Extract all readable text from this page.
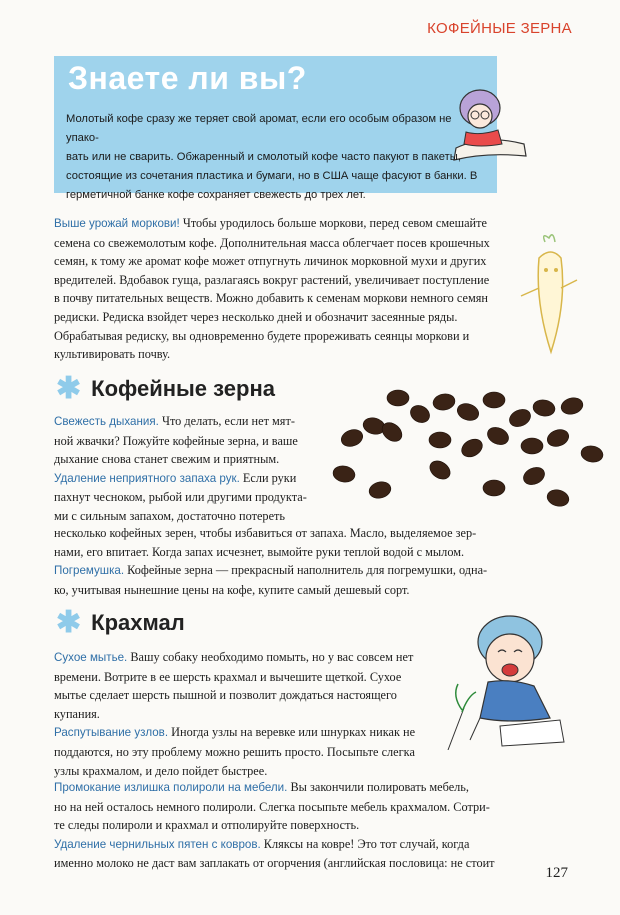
КОФЕЙНЫЕ ЗЕРНА
Знаете ли вы?
Молотый кофе сразу же теряет свой аромат, если его особым образом не упако-
вать или не сварить. Обжаренный и смолотый кофе часто пакуют в пакеты,
состоящие из сочетания пластика и бумаги, но в США чаще фасуют в банки. В
герметичной банке кофе сохраняет свежесть до трех лет.
Выше урожай моркови! Чтобы уродилось больше моркови, перед севом смешайте
семена со свежемолотым кофе. Дополнительная масса облегчает посев крошечных
семян, к тому же аромат кофе может отпугнуть личинок морковной мухи и других
вредителей. Вдобавок гуща, разлагаясь вокруг растений, увеличивает поступление
в почву питательных веществ. Можно добавить к семенам моркови немного семян
редиски. Редиска взойдет через несколько дней и обозначит засеянные ряды.
Обрабатывая редиску, вы одновременно будете прореживать сеянцы моркови и
культивировать почву.
✱ Кофейные зерна
Свежесть дыхания. Что делать, если нет мят-
ной жвачки? Пожуйте кофейные зерна, и ваше
дыхание снова станет свежим и приятным.
Удаление неприятного запаха рук. Если руки
пахнут чесноком, рыбой или другими продукта-
ми с сильным запахом, достаточно потереть
несколько кофейных зерен, чтобы избавиться от запаха. Масло, выделяемое зер-
нами, его впитает. Когда запах исчезнет, вымойте руки теплой водой с мылом.
Погремушка. Кофейные зерна — прекрасный наполнитель для погремушки, одна-
ко, учитывая нынешние цены на кофе, купите самый дешевый сорт.
✱ Крахмал
Сухое мытье. Вашу собаку необходимо помыть, но у вас совсем нет
времени. Вотрите в ее шерсть крахмал и вычешите щеткой. Сухое
мытье сделает шерсть пышной и позволит дождаться настоящего
купания.
Распутывание узлов. Иногда узлы на веревке или шнурках никак не
поддаются, но эту проблему можно решить просто. Посыпьте слегка
узлы крахмалом, и дело пойдет быстрее.
Промокание излишка полироли на мебели. Вы закончили полировать мебель,
но на ней осталось немного полироли. Слегка посыпьте мебель крахмалом. Сотри-
те следы полироли и крахмал и отполируйте поверхность.
Удаление чернильных пятен с ковров. Кляксы на ковре! Это тот случай, когда
именно молоко не даст вам заплакать от огорчения (английская пословица: не стоит
127
